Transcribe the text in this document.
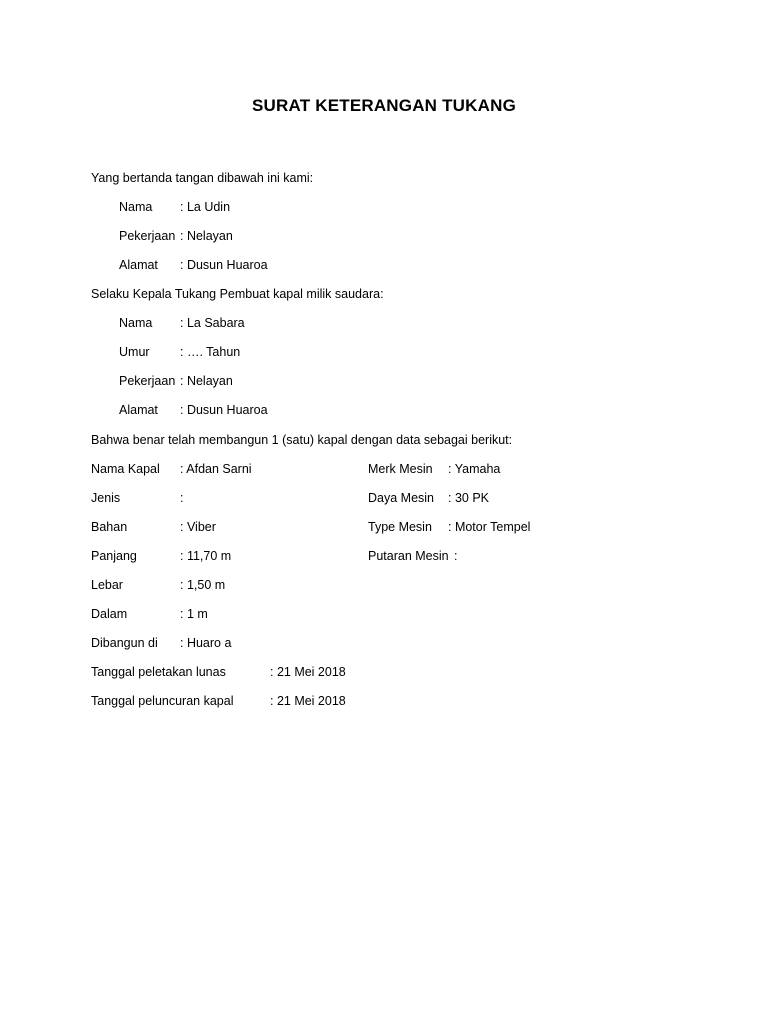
SURAT KETERANGAN TUKANG
Yang bertanda tangan dibawah ini kami:
Nama : La Udin
Pekerjaan : Nelayan
Alamat : Dusun Huaroa
Selaku Kepala Tukang Pembuat kapal milik saudara:
Nama : La Sabara
Umur : …. Tahun
Pekerjaan : Nelayan
Alamat : Dusun Huaroa
Bahwa benar telah membangun 1 (satu) kapal dengan data sebagai berikut:
Nama Kapal : Afdan Sarni
Jenis	:
Bahan	: Viber
Panjang	: 11,70 m
Lebar	: 1,50 m
Dalam	: 1 m
Dibangun di : Huaro a
Merk Mesin : Yamaha
Daya Mesin : 30 PK
Type Mesin : Motor Tempel
Putaran Mesin :
Tanggal peletakan lunas	: 21 Mei 2018
Tanggal peluncuran kapal	: 21 Mei 2018
